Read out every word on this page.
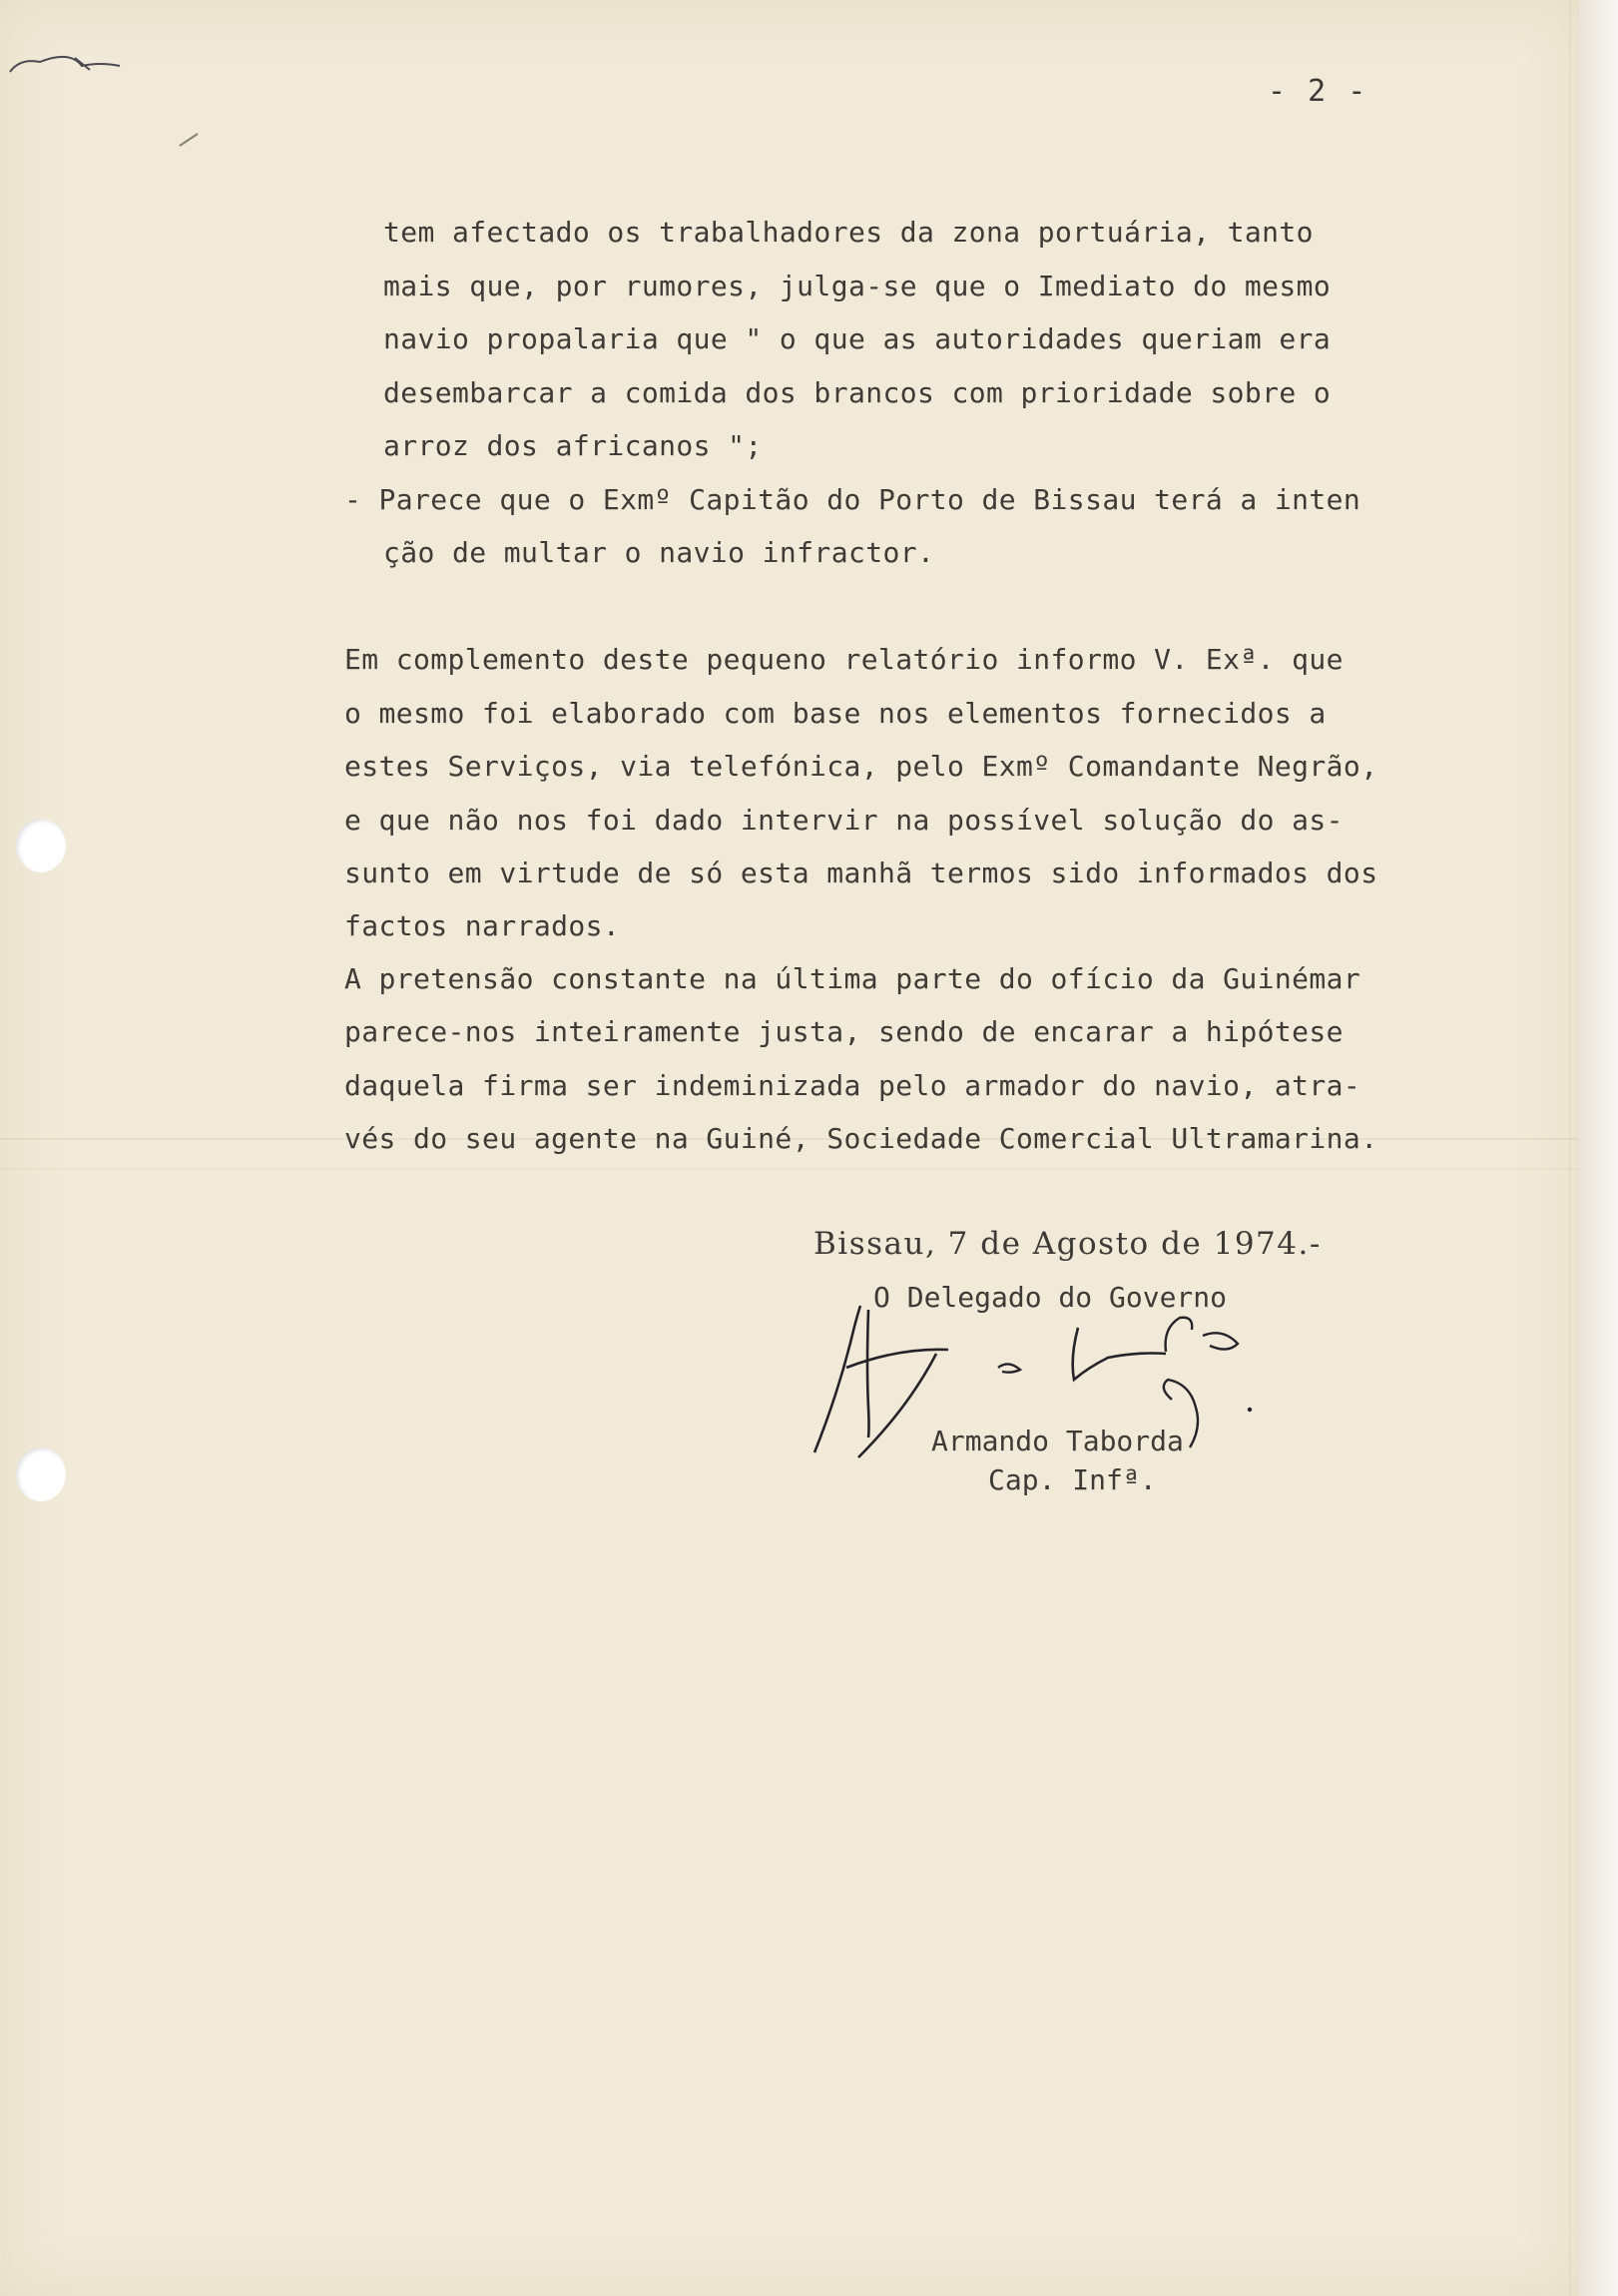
- 2 -

tem afectado os trabalhadores da zona portuária, tanto

mais que, por rumores, julga-se que o Imediato do mesmo

navio propalaria que " o que as autoridades queriam era

desembarcar a comida dos brancos com prioridade sobre o

arroz dos africanos ";

- Parece que o Exmº Capitão do Porto de Bissau terá a inten

ção de multar o navio infractor.

Em complemento deste pequeno relatório informo V. Exª. que

o mesmo foi elaborado com base nos elementos fornecidos a

estes Serviços, via telefónica, pelo Exmº Comandante Negrão,

e que não nos foi dado intervir na possível solução do as-

sunto em virtude de só esta manhã termos sido informados dos

factos narrados.

A pretensão constante na última parte do ofício da Guinémar

parece-nos inteiramente justa, sendo de encarar a hipótese

daquela firma ser indeminizada pelo armador do navio, atra-

vés do seu agente na Guiné, Sociedade Comercial Ultramarina.

Bissau, 7 de Agosto de 1974.-

O Delegado do Governo

Armando Taborda

Cap. Infª.
